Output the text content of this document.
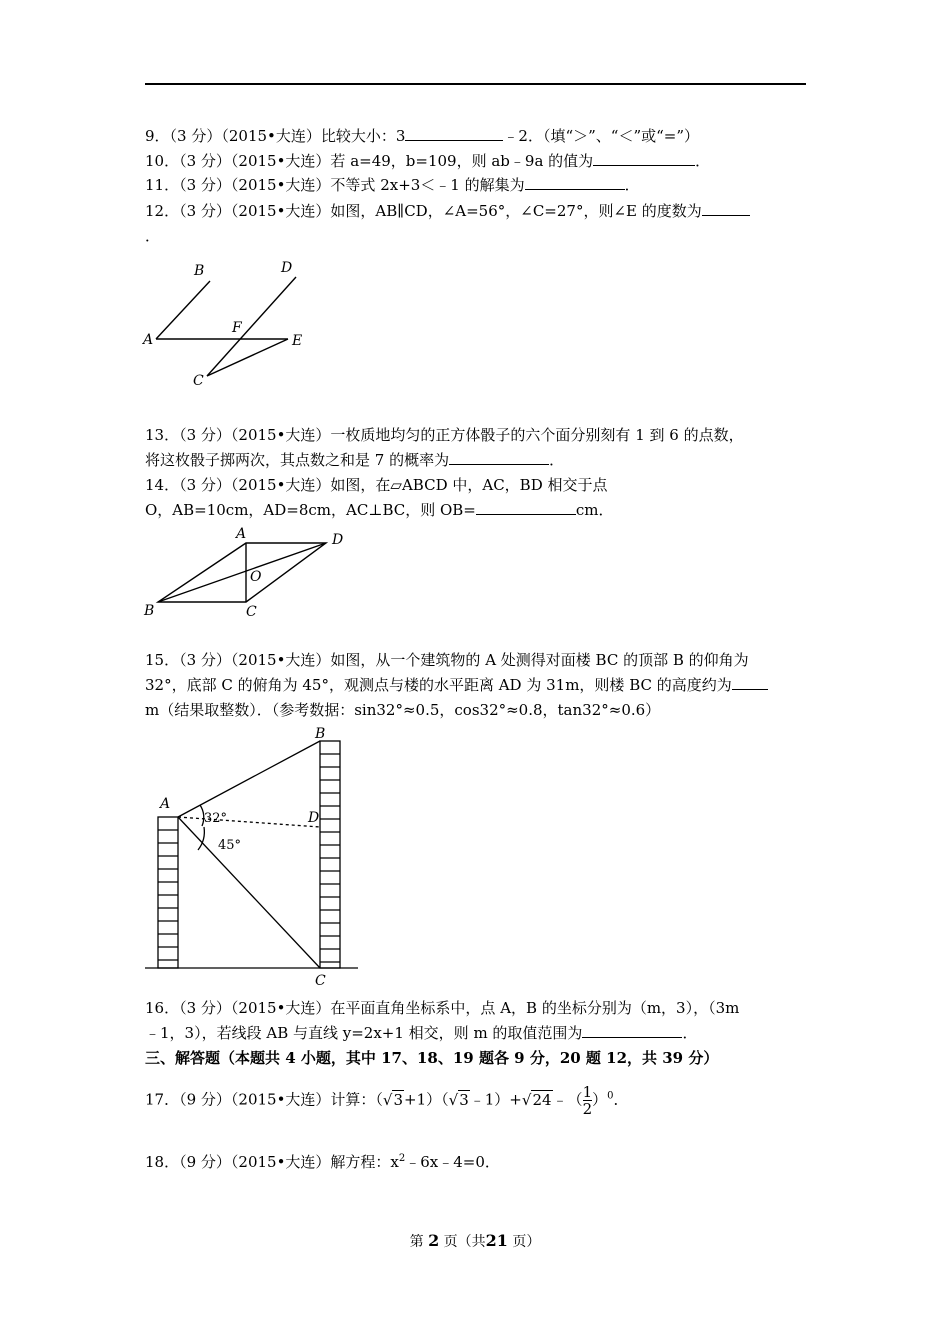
9．（3 分）（2015•大连）比较大小：3	﹣2．（填“＞”、“＜”或“=”）
10．（3 分）（2015•大连）若 a=49，b=109，则 ab﹣9a 的值为	．
11．（3 分）（2015•大连）不等式 2x+3＜﹣1 的解集为	．
12．（3 分）（2015•大连）如图，AB∥CD，∠A=56°，∠C=27°，则∠E 的度数为
．
A
B
C
D
E
F
13．（3 分）（2015•大连）一枚质地均匀的正方体骰子的六个面分别刻有 1 到 6 的点数，
将这枚骰子掷两次，其点数之和是 7 的概率为	．
14．（3 分）（2015•大连）如图，在▱ABCD 中，AC，BD 相交于点
O，AB=10cm，AD=8cm，AC⊥BC，则 OB=	cm．
A
B	C
D
O
15．（3 分）（2015•大连）如图，从一个建筑物的 A 处测得对面楼 BC 的顶部 B 的仰角为
32°，底部 C 的俯角为 45°，观测点与楼的水平距离 AD 为 31m，则楼 BC 的高度约为
m（结果取整数）．（参考数据：sin32°≈0.5，cos32°≈0.8，tan32°≈0.6）
A
B
C
D
32°
45°
16．（3 分）（2015•大连）在平面直角坐标系中，点 A，B 的坐标分别为（m，3），（3m
﹣1，3），若线段 AB 与直线 y=2x+1 相交，则 m 的取值范围为	．
三、解答题（本题共 4 小题，其中 17、18、19 题各 9 分，20 题 12，共 39 分）
17．（9 分）（2015•大连）计算：（√3+1）（√3﹣1）+√24﹣（ $\frac{1}{2} )^0$．
18．（9 分）（2015•大连）解方程：$x^2﹣6x﹣4=0$．
第 2 页（共21 页）
